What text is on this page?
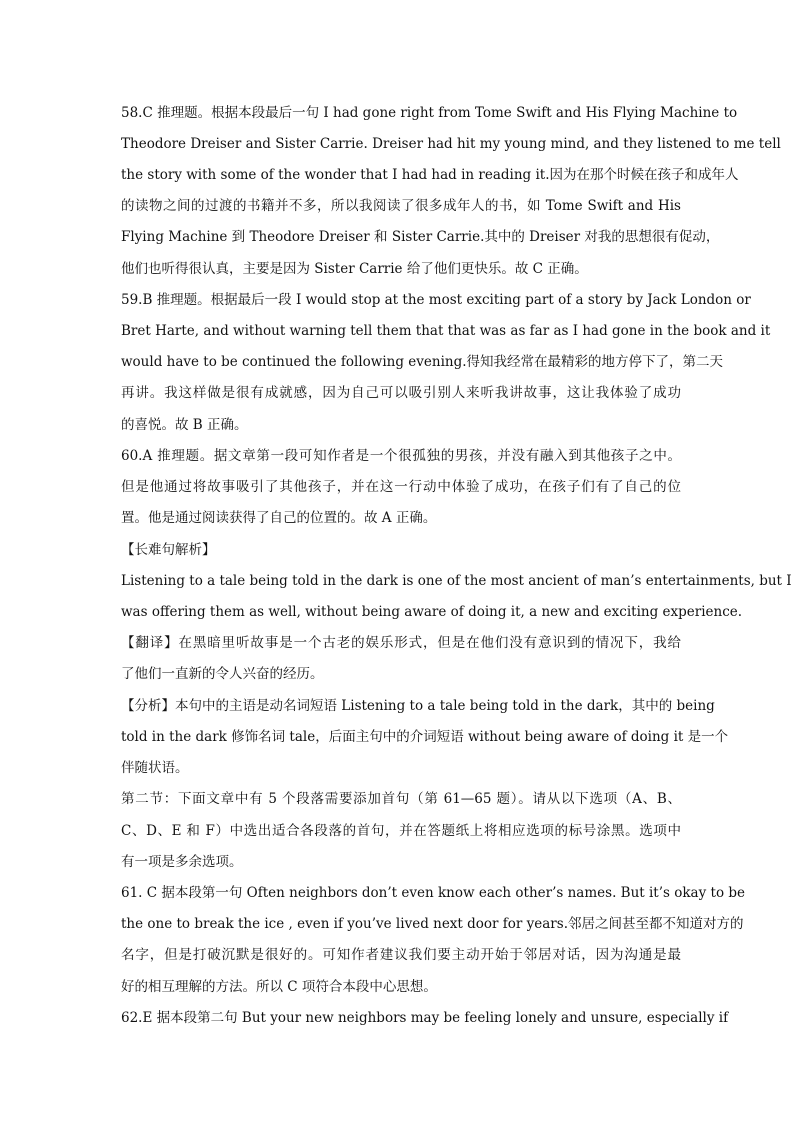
58.C 推理题。根据本段最后一句 I had gone right from Tome Swift and His Flying Machine to
Theodore Dreiser and Sister Carrie. Dreiser had hit my young mind, and they listened to me tell
the story with some of the wonder that I had had in reading it.因为在那个时候在孩子和成年人
的读物之间的过渡的书籍并不多，所以我阅读了很多成年人的书，如 Tome Swift and His
Flying Machine 到 Theodore Dreiser 和 Sister Carrie.其中的 Dreiser 对我的思想很有促动，
他们也听得很认真，主要是因为 Sister Carrie 给了他们更快乐。故 C 正确。
59.B 推理题。根据最后一段 I would stop at the most exciting part of a story by Jack London or
Bret Harte, and without warning tell them that that was as far as I had gone in the book and it
would have to be continued the following evening.得知我经常在最精彩的地方停下了，第二天
再讲。我这样做是很有成就感，因为自己可以吸引别人来听我讲故事，这让我体验了成功
的喜悦。故 B 正确。
60.A 推理题。据文章第一段可知作者是一个很孤独的男孩，并没有融入到其他孩子之中。
但是他通过将故事吸引了其他孩子，并在这一行动中体验了成功，在孩子们有了自己的位
置。他是通过阅读获得了自己的位置的。故 A 正确。
【长难句解析】
Listening to a tale being told in the dark is one of the most ancient of man’s entertainments, but I
was offering them as well, without being aware of doing it, a new and exciting experience.
【翻译】在黑暗里听故事是一个古老的娱乐形式，但是在他们没有意识到的情况下，我给
了他们一直新的令人兴奋的经历。
【分析】本句中的主语是动名词短语 Listening to a tale being told in the dark，其中的 being
told in the dark 修饰名词 tale，后面主句中的介词短语 without being aware of doing it 是一个
伴随状语。
第二节：下面文章中有 5 个段落需要添加首句（第 61—65 题）。请从以下选项（A、B、
C、D、E 和 F）中选出适合各段落的首句，并在答题纸上将相应选项的标号涂黑。选项中
有一项是多余选项。
61. C 据本段第一句 Often neighbors don’t even know each other’s names. But it’s okay to be
the one to break the ice , even if you’ve lived next door for years.邻居之间甚至都不知道对方的
名字，但是打破沉默是很好的。可知作者建议我们要主动开始于邻居对话，因为沟通是最
好的相互理解的方法。所以 C 项符合本段中心思想。
62.E 据本段第二句 But your new neighbors may be feeling lonely and unsure, especially if
